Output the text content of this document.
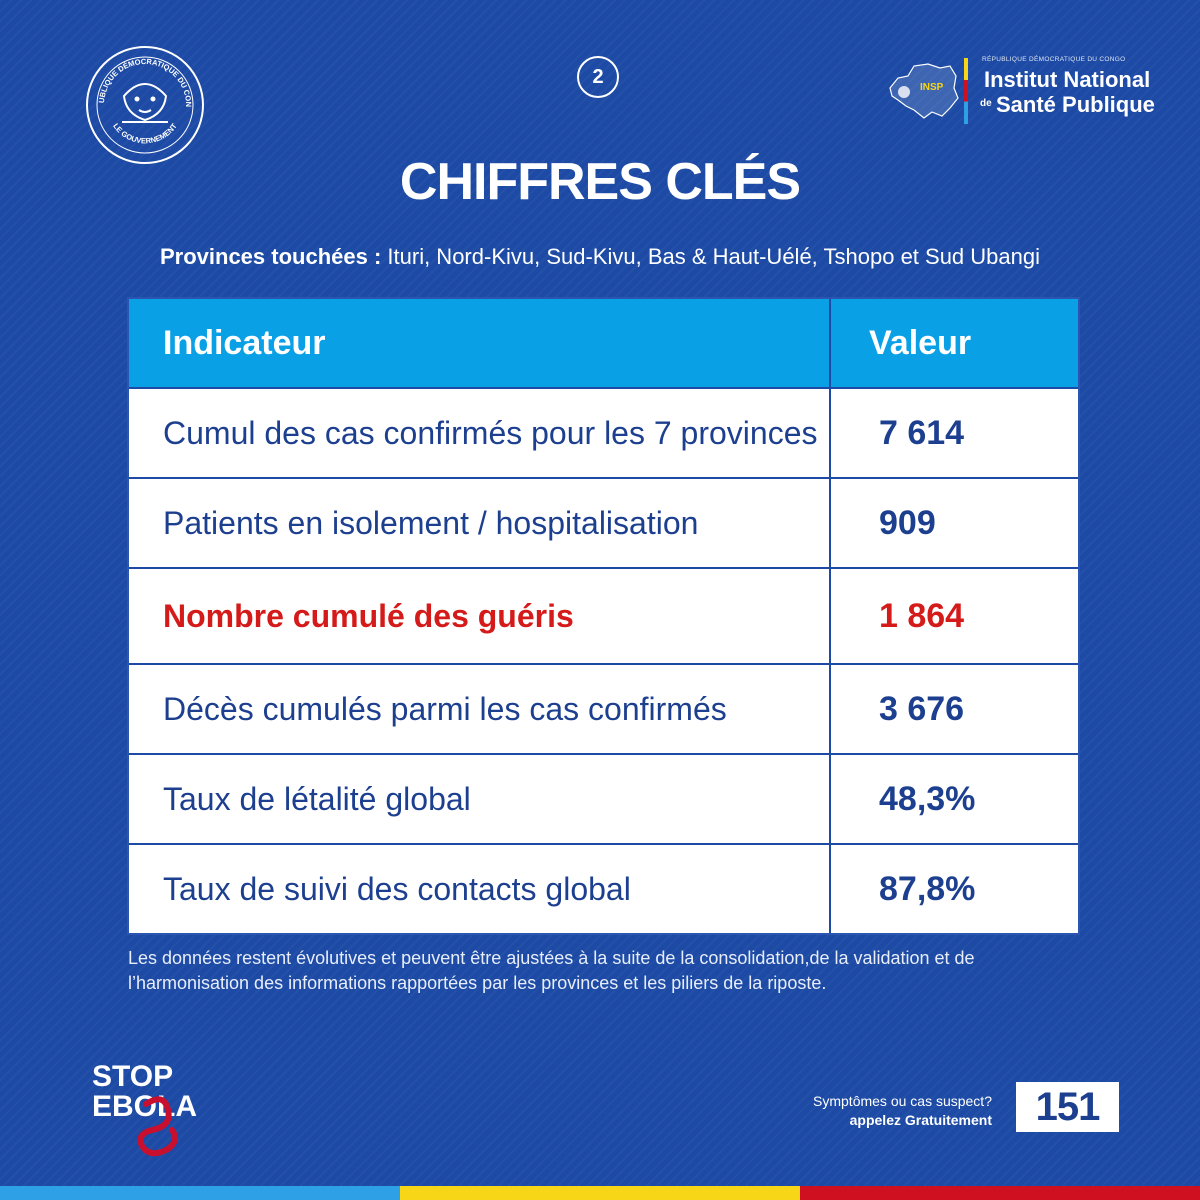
UBLIQUE DÉMOCRATIQUE DU CON
LE GOUVERNEMENT
2	INSP
RÉPUBLIQUE DÉMOCRATIQUE DU CONGO
Institut National
de Santé Publique
CHIFFRES CLÉS
Provinces touchées : Ituri, Nord-Kivu, Sud-Kivu, Bas & Haut-Uélé, Tshopo et Sud Ubangi
Indicateur	Valeur
Cumul des cas confirmés pour les 7 provinces	7 614
Patients en isolement / hospitalisation	909
Nombre cumulé des guéris	1 864
Décès cumulés parmi les cas confirmés	3 676
Taux de létalité global	48,3%
Taux de suivi des contacts global	87,8%
Les données restent évolutives et peuvent être ajustées à la suite de la consolidation,de la validation et de l’harmonisation des informations rapportées par les provinces et les piliers de la riposte.
STOP
EBOLA	Symptômes ou cas suspect?
appelez Gratuitement	151
